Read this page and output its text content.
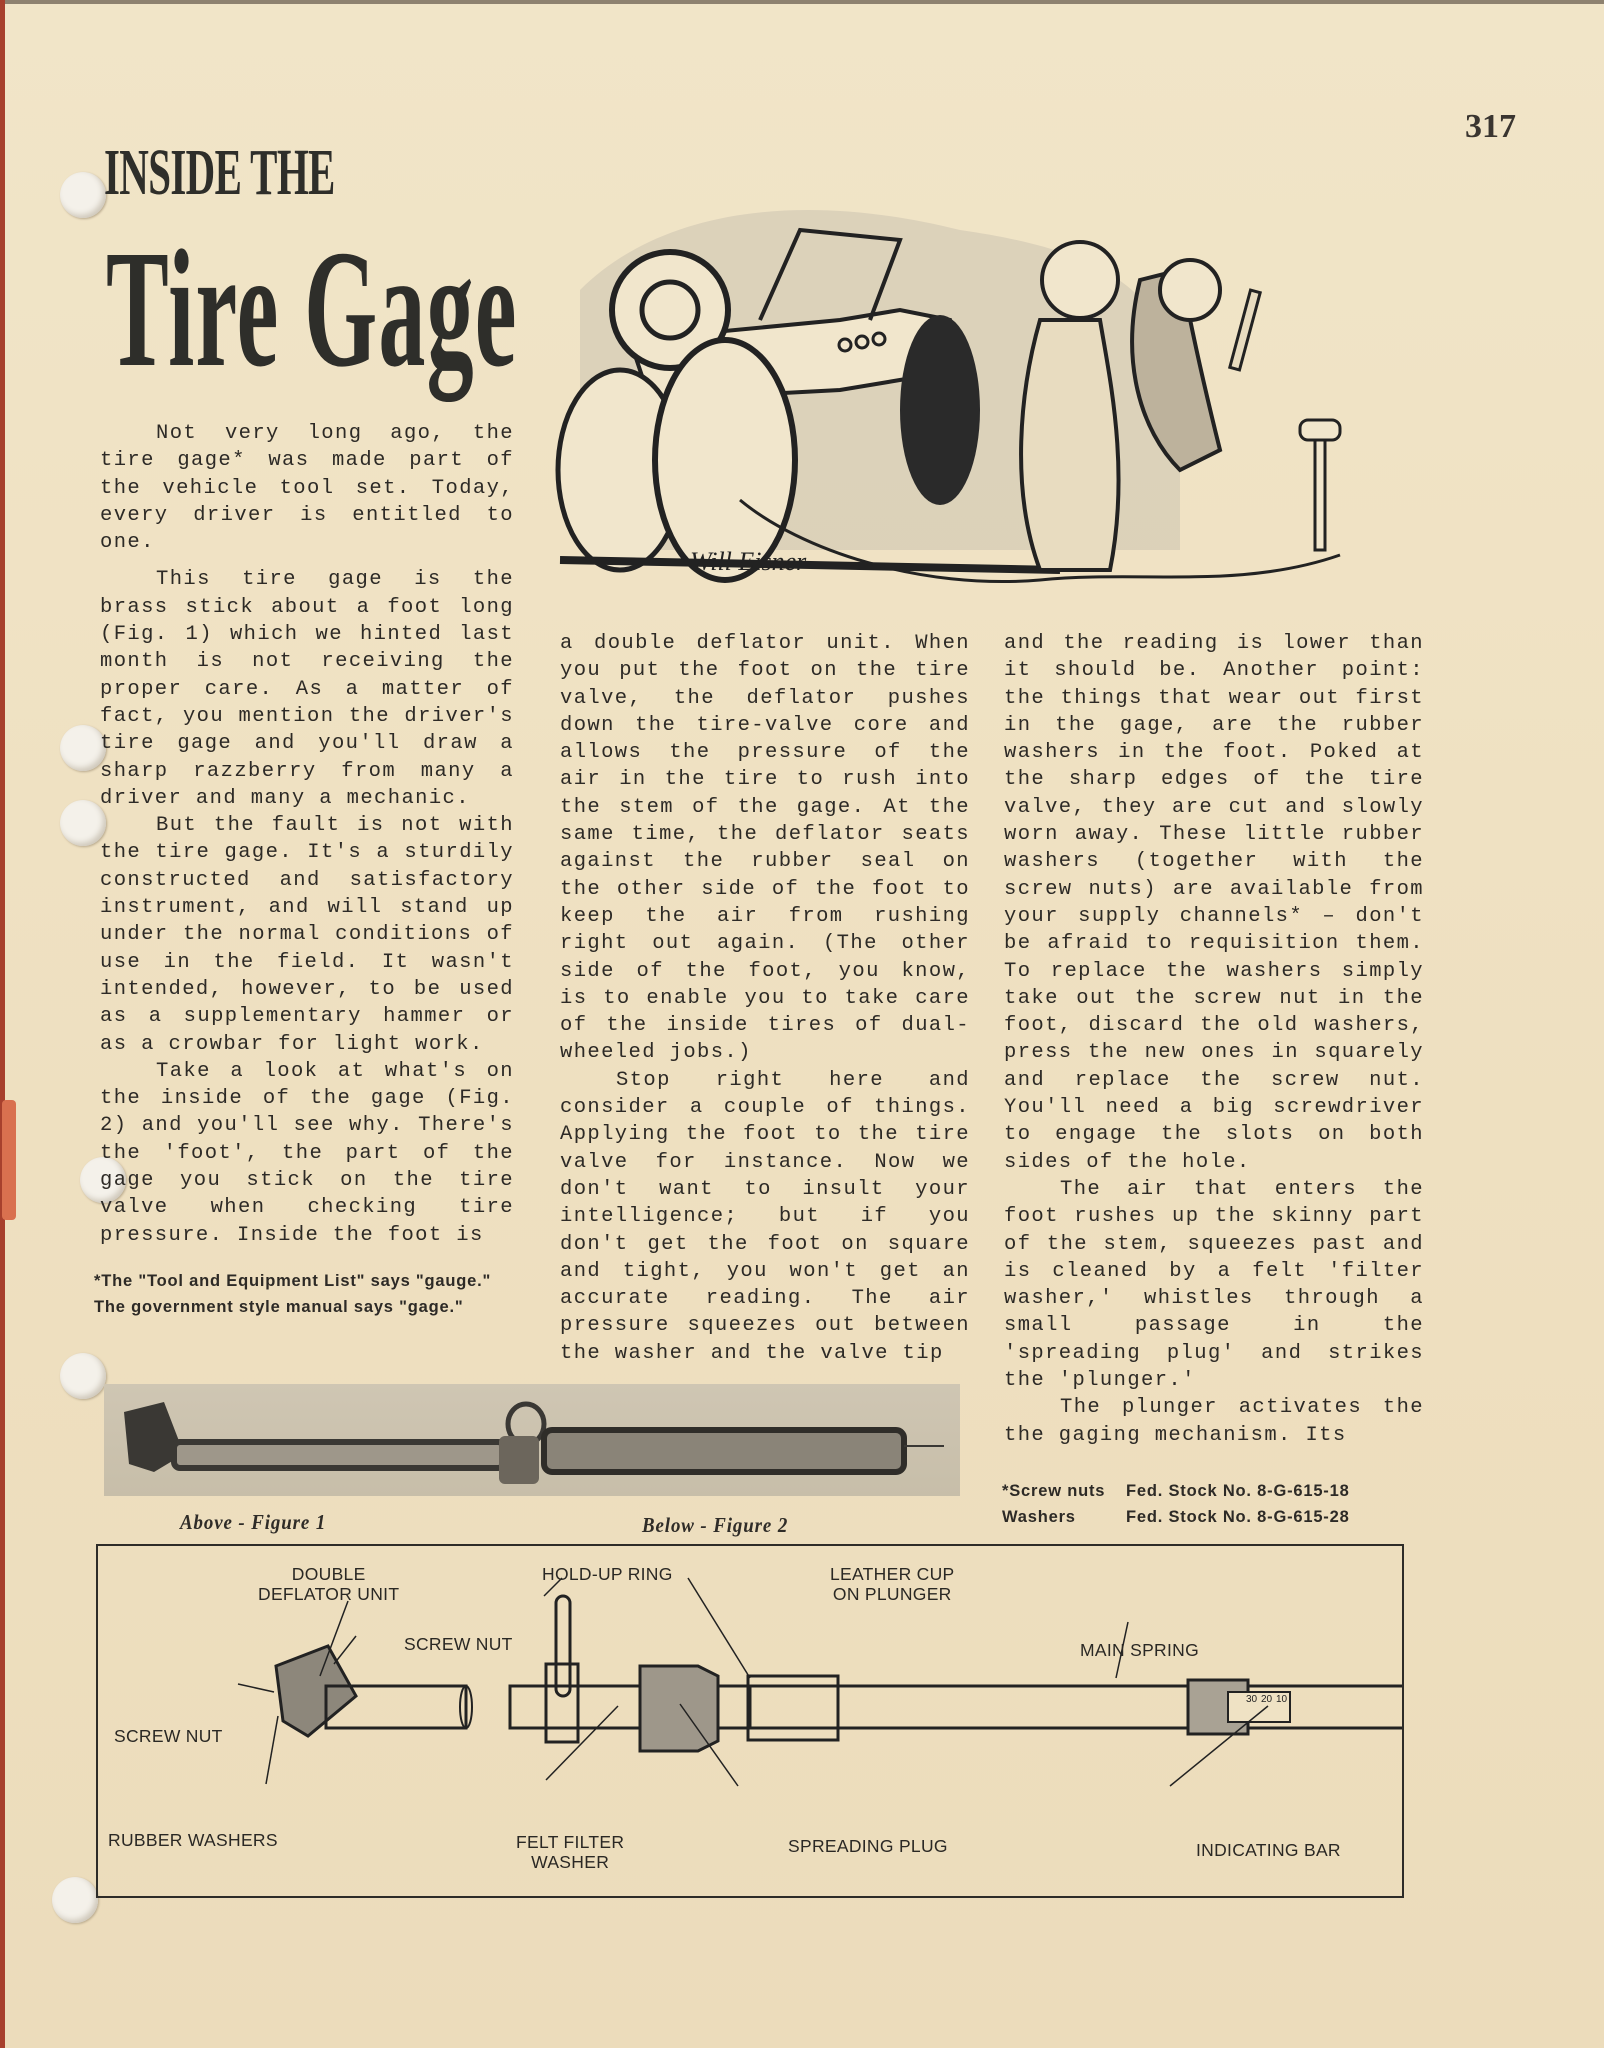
317
INSIDE THE
Tire Gage
Will Eisner

Not very long ago, the tire gage* was made part of the vehicle tool set. Today, every driver is entitled to one.

This tire gage is the brass stick about a foot long (Fig. 1) which we hinted last month is not receiving the proper care. As a matter of fact, you mention the driver's tire gage and you'll draw a sharp razzberry from many a driver and many a mechanic.

But the fault is not with the tire gage. It's a sturdily constructed and satisfactory instrument, and will stand up under the normal conditions of use in the field. It wasn't intended, however, to be used as a supplementary hammer or as a crowbar for light work.

Take a look at what's on the inside of the gage (Fig. 2) and you'll see why. There's the 'foot', the part of the gage you stick on the tire valve when checking tire pressure. Inside the foot is

*The "Tool and Equipment List" says "gauge." The government style manual says "gage."

a double deflator unit. When you put the foot on the tire valve, the deflator pushes down the tire-valve core and allows the pressure of the air in the tire to rush into the stem of the gage. At the same time, the deflator seats against the rubber seal on the other side of the foot to keep the air from rushing right out again. (The other side of the foot, you know, is to enable you to take care of the inside tires of dual-wheeled jobs.)

Stop right here and consider a couple of things. Applying the foot to the tire valve for instance. Now we don't want to insult your intelligence; but if you don't get the foot on square and tight, you won't get an accurate reading. The air pressure squeezes out between the washer and the valve tip

and the reading is lower than it should be. Another point: the things that wear out first in the gage, are the rubber washers in the foot. Poked at the sharp edges of the tire valve, they are cut and slowly worn away. These little rubber washers (together with the screw nuts) are available from your supply channels* – don't be afraid to requisition them. To replace the washers simply take out the screw nut in the foot, discard the old washers, press the new ones in squarely and replace the screw nut. You'll need a big screwdriver to engage the slots on both sides of the hole.

The air that enters the foot rushes up the skinny part of the stem, squeezes past and is cleaned by a felt 'filter washer,' whistles through a small passage in the 'spreading plug' and strikes the 'plunger.'

The plunger activates the the gaging mechanism. Its

*Screw nuts	Fed. Stock No. 8-G-615-18
Washers	Fed. Stock No. 8-G-615-28
Above - Figure 1	Below - Figure 2
30 20 10
DOUBLE
DEFLATOR UNIT
SCREW NUT
SCREW NUT
RUBBER WASHERS
HOLD-UP RING
FELT FILTER
WASHER
LEATHER CUP
ON PLUNGER
SPREADING PLUG
MAIN SPRING
INDICATING BAR
